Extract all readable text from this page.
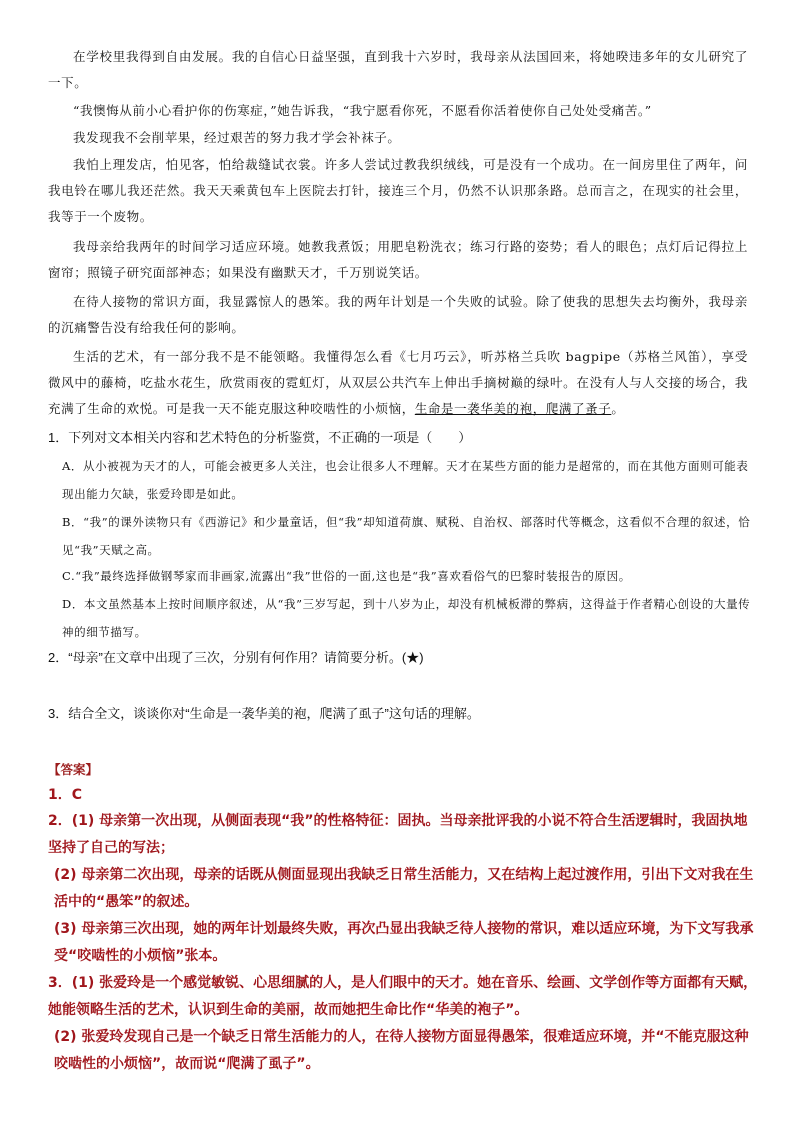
在学校里我得到自由发展。我的自信心日益坚强，直到我十六岁时，我母亲从法国回来，将她暌违多年的女儿研究了一下。

“我懊悔从前小心看护你的伤寒症，”她告诉我，“我宁愿看你死，不愿看你活着使你自己处处受痛苦。”

我发现我不会削苹果，经过艰苦的努力我才学会补袜子。

我怕上理发店，怕见客，怕给裁缝试衣裳。许多人尝试过教我织绒线，可是没有一个成功。在一间房里住了两年，问我电铃在哪儿我还茫然。我天天乘黄包车上医院去打针，接连三个月，仍然不认识那条路。总而言之，在现实的社会里，我等于一个废物。

我母亲给我两年的时间学习适应环境。她教我煮饭；用肥皂粉洗衣；练习行路的姿势；看人的眼色；点灯后记得拉上窗帘；照镜子研究面部神态；如果没有幽默天才，千万别说笑话。

在待人接物的常识方面，我显露惊人的愚笨。我的两年计划是一个失败的试验。除了使我的思想失去均衡外，我母亲的沉痛警告没有给我任何的影响。

生活的艺术，有一部分我不是不能领略。我懂得怎么看《七月巧云》，听苏格兰兵吹 bagpipe（苏格兰风笛），享受微风中的藤椅，吃盐水花生，欣赏雨夜的霓虹灯，从双层公共汽车上伸出手摘树巅的绿叶。在没有人与人交接的场合，我充满了生命的欢悦。可是我一天不能克服这种咬啮性的小烦恼，生命是一袭华美的袍，爬满了蚤子。

1．下列对文本相关内容和艺术特色的分析鉴赏，不正确的一项是（　　）

A．从小被视为天才的人，可能会被更多人关注，也会让很多人不理解。天才在某些方面的能力是超常的，而在其他方面则可能表现出能力欠缺，张爱玲即是如此。

B．“我”的课外读物只有《西游记》和少量童话，但“我”却知道荷旗、赋税、自治权、部落时代等概念，这看似不合理的叙述，恰见“我”天赋之高。

C.“我”最终选择做钢琴家而非画家,流露出“我”世俗的一面,这也是“我”喜欢看俗气的巴黎时装报告的原因。

D．本文虽然基本上按时间顺序叙述，从“我”三岁写起，到十八岁为止，却没有机械板滞的弊病，这得益于作者精心创设的大量传神的细节描写。

2．“母亲”在文章中出现了三次，分别有何作用？请简要分析。(★)

3．结合全文，谈谈你对“生命是一袭华美的袍，爬满了虱子”这句话的理解。

【答案】

1．C

2．(1) 母亲第一次出现，从侧面表现“我”的性格特征：固执。当母亲批评我的小说不符合生活逻辑时，我固执地坚持了自己的写法；

(2) 母亲第二次出现，母亲的话既从侧面显现出我缺乏日常生活能力，又在结构上起过渡作用，引出下文对我在生活中的“愚笨”的叙述。

(3) 母亲第三次出现，她的两年计划最终失败，再次凸显出我缺乏待人接物的常识，难以适应环境，为下文写我承受“咬啮性的小烦恼”张本。

3．(1) 张爱玲是一个感觉敏锐、心思细腻的人，是人们眼中的天才。她在音乐、绘画、文学创作等方面都有天赋，她能领略生活的艺术，认识到生命的美丽，故而她把生命比作“华美的袍子”。

(2) 张爱玲发现自己是一个缺乏日常生活能力的人，在待人接物方面显得愚笨，很难适应环境，并“不能克服这种咬啮性的小烦恼”，故而说“爬满了虱子”。
